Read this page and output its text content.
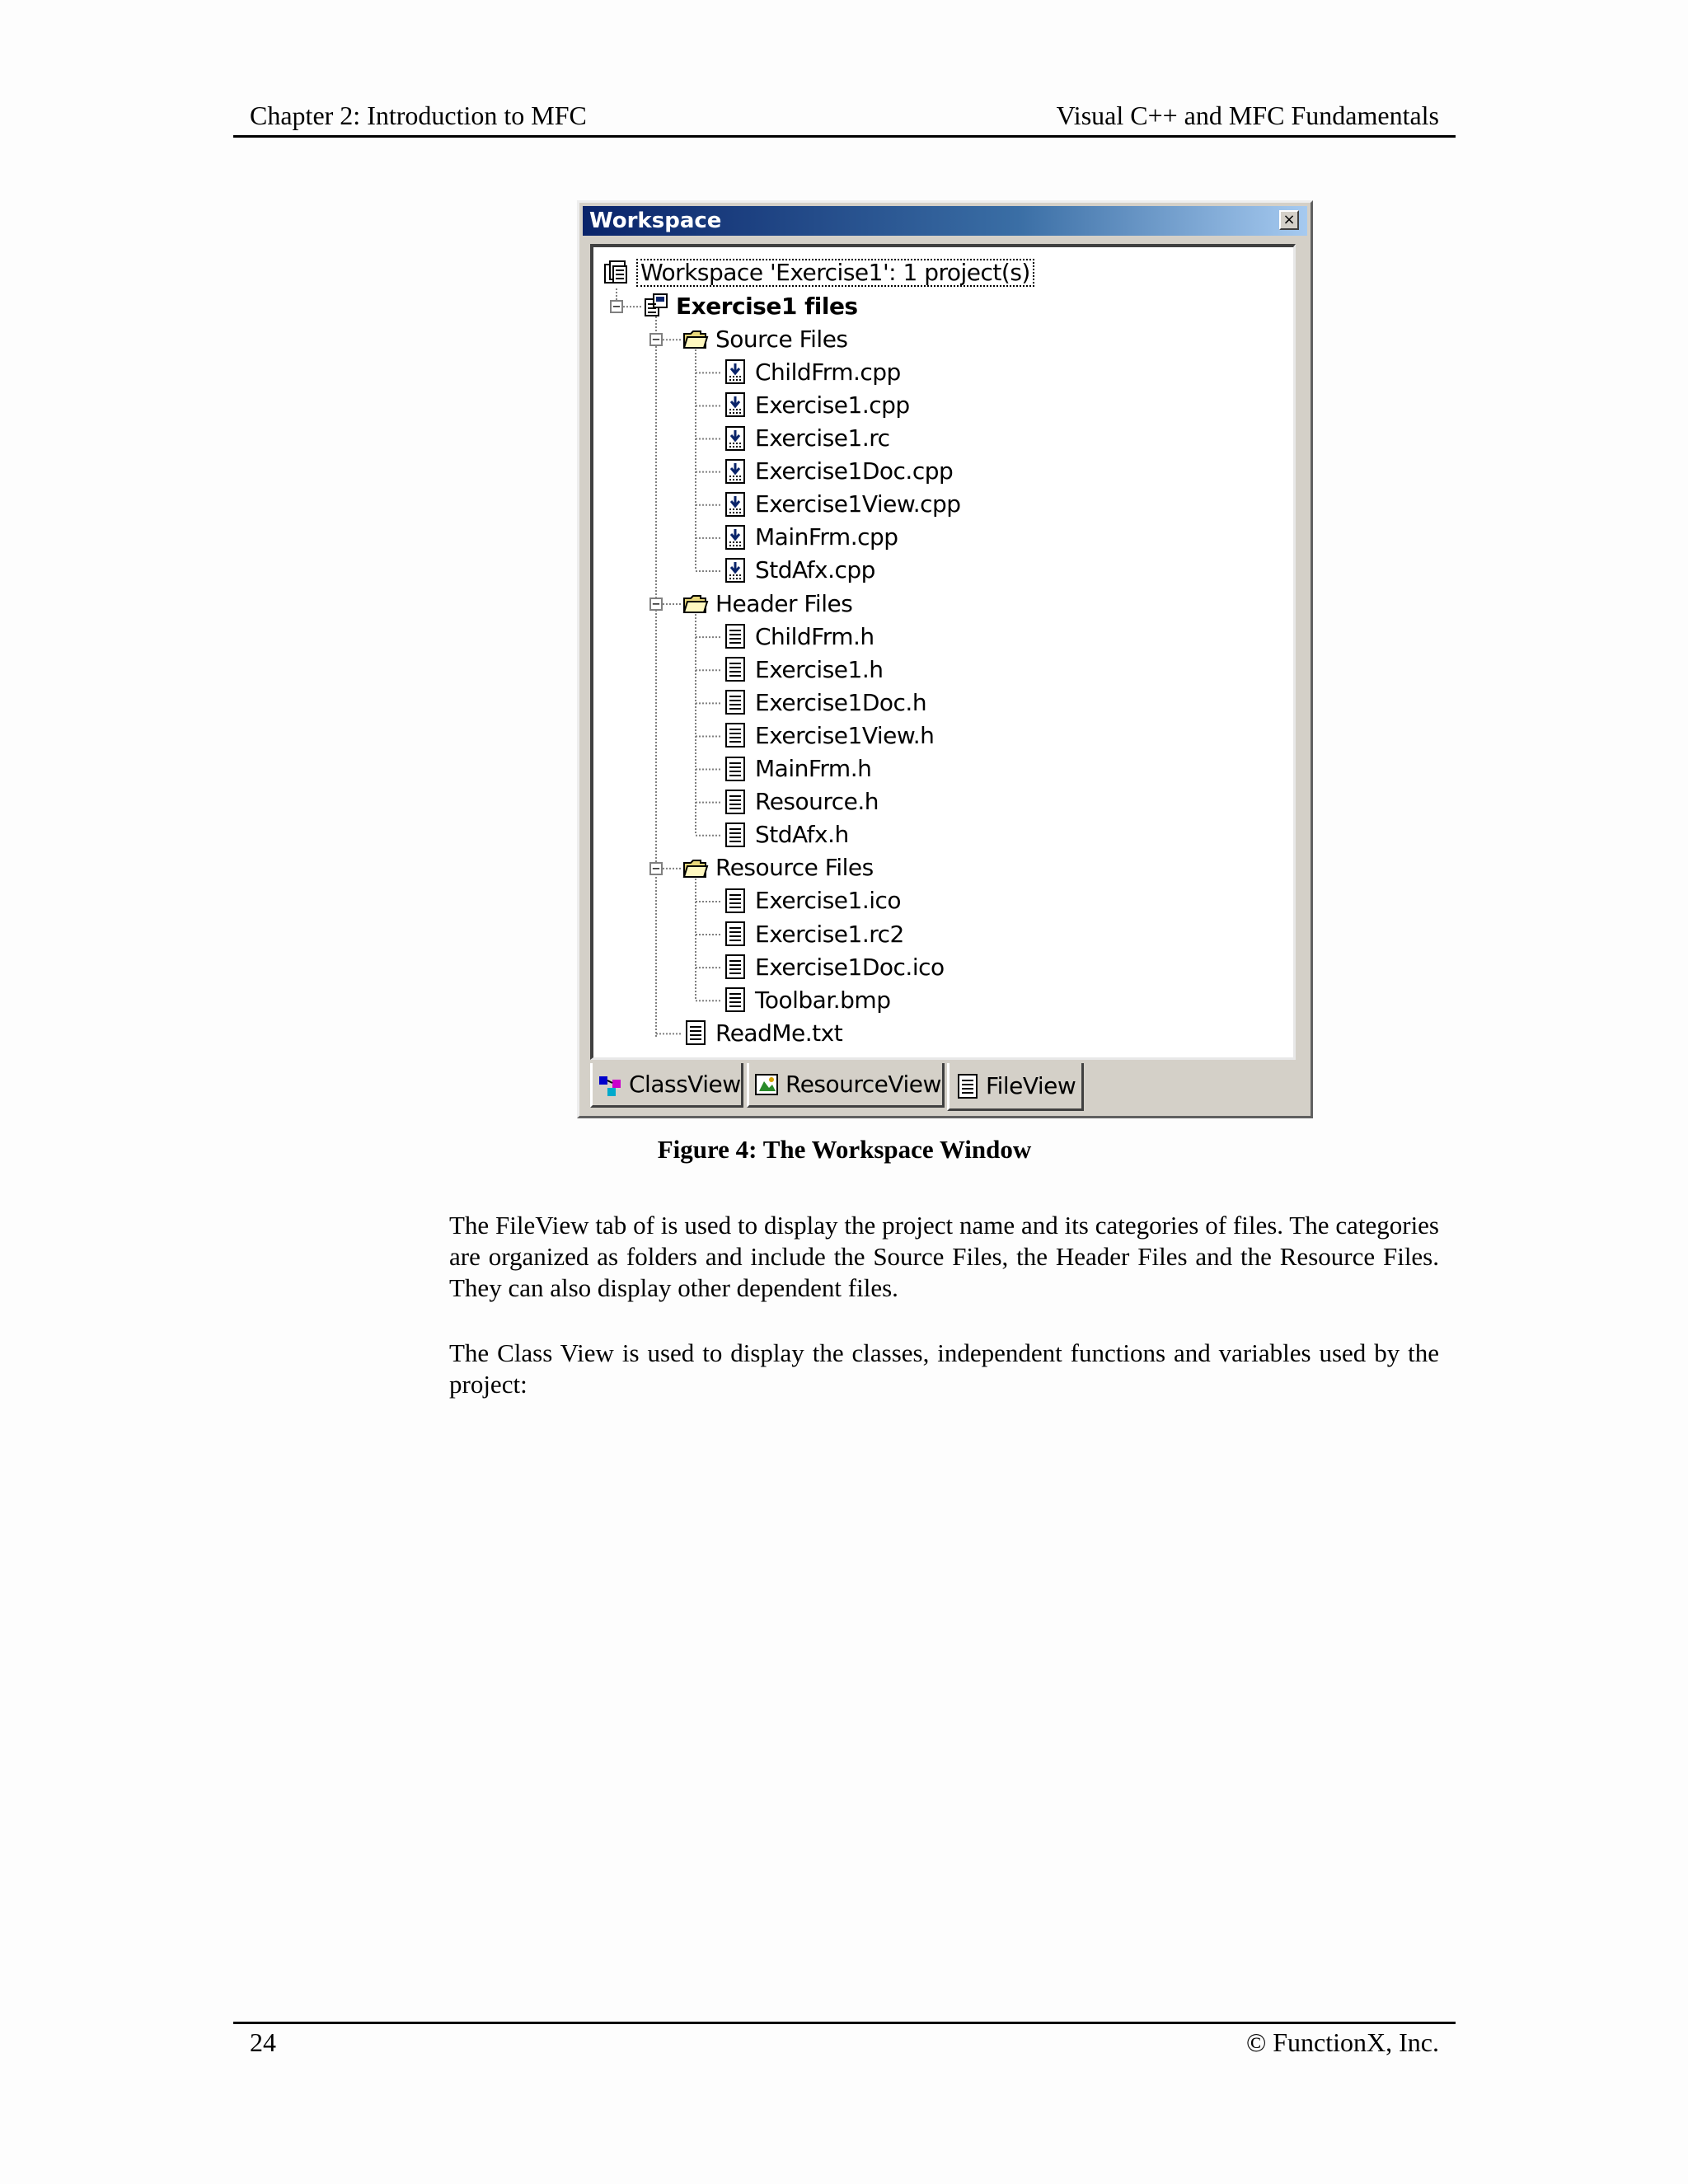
Chapter 2: Introduction to MFC	Visual C++ and MFC Fundamentals
Workspace	×
Workspace 'Exercise1': 1 project(s)
Exercise1 files
−
Source Files
−
ChildFrm.cpp
Exercise1.cpp
Exercise1.rc
Exercise1Doc.cpp
Exercise1View.cpp
MainFrm.cpp
StdAfx.cpp
Header Files
−
ChildFrm.h
Exercise1.h
Exercise1Doc.h
Exercise1View.h
MainFrm.h
Resource.h
StdAfx.h
Resource Files
−
Exercise1.ico
Exercise1.rc2
Exercise1Doc.ico
Toolbar.bmp
ReadMe.txt
ClassView ResourceView FileView
Figure 4: The Workspace Window

The FileView tab of is used to display the project name and its categories of files. The categories are organized as folders and include the Source Files, the Header Files and the Resource Files. They can also display other dependent files.

The Class View is used to display the classes, independent functions and variables used by the project:

24	© FunctionX, Inc.
